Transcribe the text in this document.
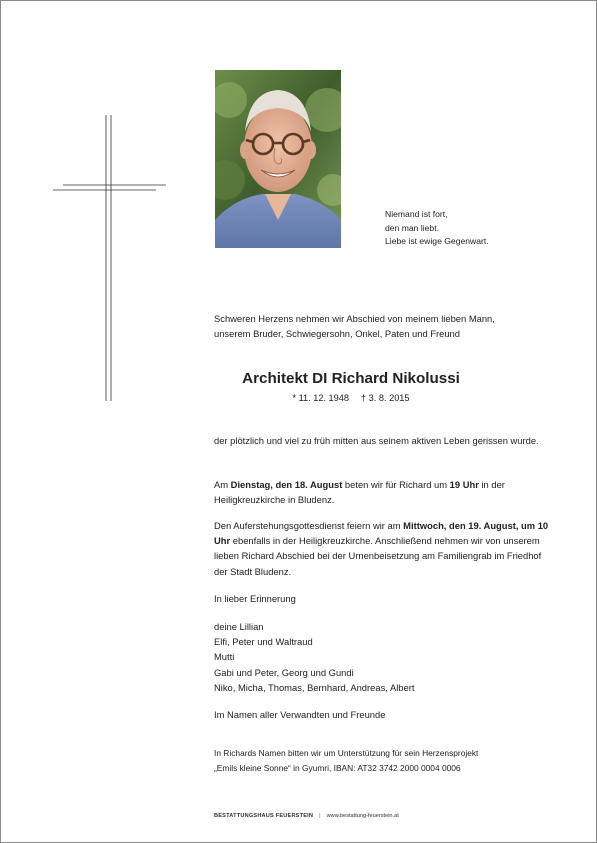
Niemand ist fort,
den man liebt.
Liebe ist ewige Gegenwart.
Schweren Herzens nehmen wir Abschied von meinem lieben Mann,
unserem Bruder, Schwiegersohn, Onkel, Paten und Freund
Architekt DI Richard Nikolussi
* 11. 12. 1948 † 3. 8. 2015

der plötzlich und viel zu früh mitten aus seinem aktiven Leben gerissen wurde.

Am Dienstag, den 18. August beten wir für Richard um 19 Uhr in der Heiligkreuzkirche in Bludenz.

Den Auferstehungsgottesdienst feiern wir am Mittwoch, den 19. August, um 10 Uhr ebenfalls in der Heiligkreuzkirche. Anschließend nehmen wir von unserem lieben Richard Abschied bei der Urnenbeisetzung am Familiengrab im Friedhof der Stadt Bludenz.

In lieber Erinnerung
deine Lillian
Elfi, Peter und Waltraud
Mutti
Gabi und Peter, Georg und Gundi
Niko, Micha, Thomas, Bernhard, Andreas, Albert
Im Namen aller Verwandten und Freunde
In Richards Namen bitten wir um Unterstützung für sein Herzensprojekt
„Emils kleine Sonne“ in Gyumri, IBAN: AT32 3742 2000 0004 0006
BESTATTUNGSHAUS FEUERSTEIN | www.bestattung-feuerstein.at
